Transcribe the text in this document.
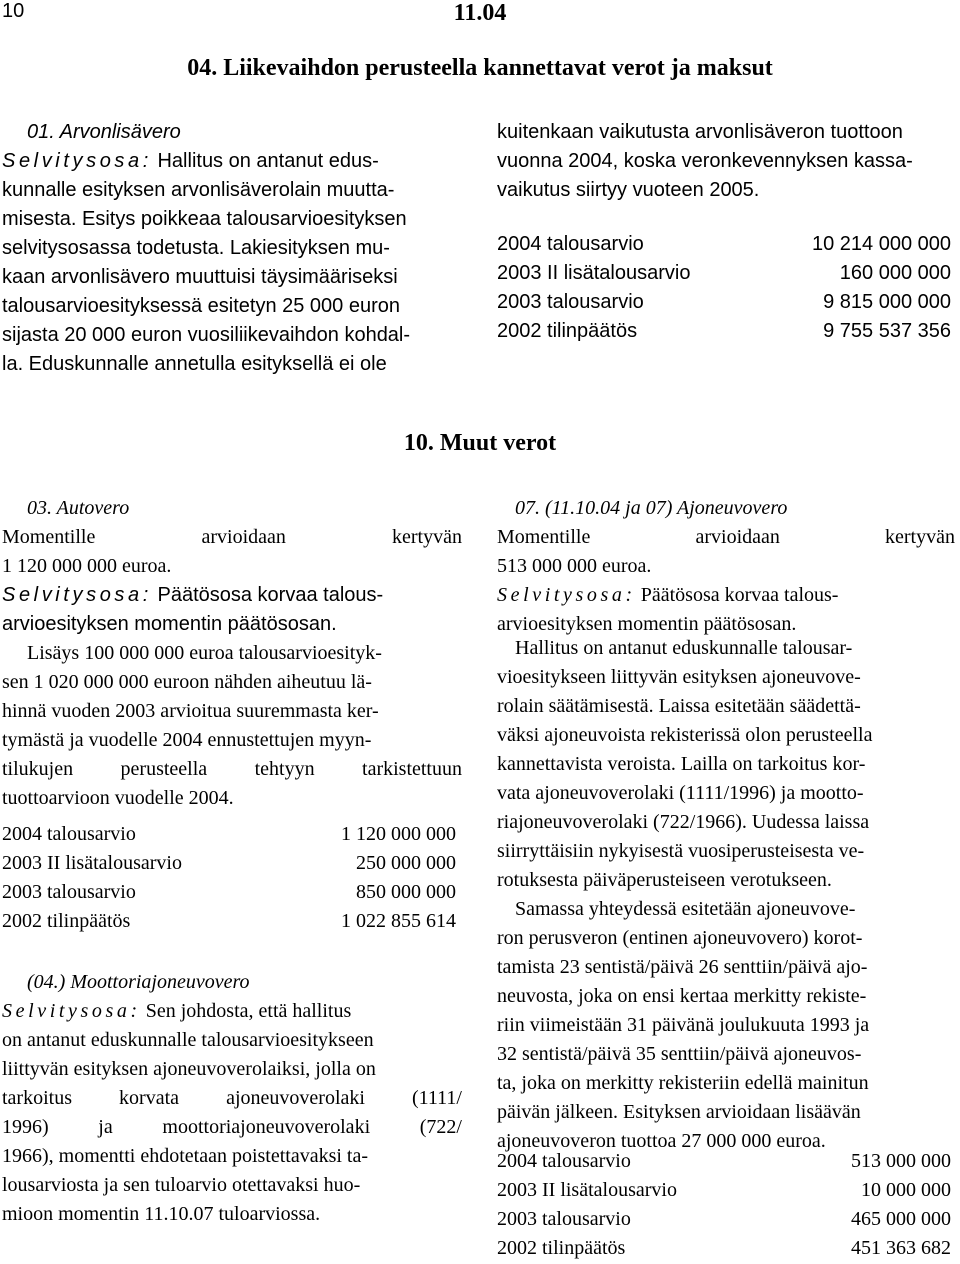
10	11.04
04. Liikevaihdon perusteella kannettavat verot ja maksut
01. Arvonlisävero
Selvitysosa: Hallitus on antanut edus-
kunnalle esityksen arvonlisäverolain muutta-
misesta. Esitys poikkeaa talousarvioesityksen
selvitysosassa todetusta. Lakiesityksen mu-
kaan arvonlisävero muuttuisi täysimääriseksi
talousarvioesityksessä esitetyn 25 000 euron
sijasta 20 000 euron vuosiliikevaihdon kohdal-
la. Eduskunnalle annetulla esityksellä ei ole
kuitenkaan vaikutusta arvonlisäveron tuottoon
vuonna 2004, koska veronkevennyksen kassa-
vaikutus siirtyy vuoteen 2005.
2004 talousarvio	10 214 000 000
2003 II lisätalousarvio	160 000 000
2003 talousarvio	9 815 000 000
2002 tilinpäätös	9 755 537 356
10. Muut verot
03. Autovero
Momentille arvioidaan kertyvän
1 120 000 000 euroa.
Selvitysosa: Päätösosa korvaa talous-
arvioesityksen momentin päätösosan.
Lisäys 100 000 000 euroa talousarvioesityk-
sen 1 020 000 000 euroon nähden aiheutuu lä-
hinnä vuoden 2003 arvioitua suuremmasta ker-
tymästä ja vuodelle 2004 ennustettujen myyn-
tilukujen perusteella tehtyyn tarkistettuun
tuottoarvioon vuodelle 2004.
2004 talousarvio	1 120 000 000
2003 II lisätalousarvio	250 000 000
2003 talousarvio	850 000 000
2002 tilinpäätös	1 022 855 614
(04.) Moottoriajoneuvovero
Selvitysosa: Sen johdosta, että hallitus
on antanut eduskunnalle talousarvioesitykseen
liittyvän esityksen ajoneuvoverolaiksi, jolla on
tarkoitus korvata ajoneuvoverolaki (1111/
1996) ja moottoriajoneuvoverolaki (722/
1966), momentti ehdotetaan poistettavaksi ta-
lousarviosta ja sen tuloarvio otettavaksi huo-
mioon momentin 11.10.07 tuloarviossa.
07. (11.10.04 ja 07) Ajoneuvovero
Momentille arvioidaan kertyvän
513 000 000 euroa.
Selvitysosa: Päätösosa korvaa talous-
arvioesityksen momentin päätösosan.
Hallitus on antanut eduskunnalle talousar-
vioesitykseen liittyvän esityksen ajoneuvove-
rolain säätämisestä. Laissa esitetään säädettä-
väksi ajoneuvoista rekisterissä olon perusteella
kannettavista veroista. Lailla on tarkoitus kor-
vata ajoneuvoverolaki (1111/1996) ja mootto-
riajoneuvoverolaki (722/1966). Uudessa laissa
siirryttäisiin nykyisestä vuosiperusteisesta ve-
rotuksesta päiväperusteiseen verotukseen.
Samassa yhteydessä esitetään ajoneuvove-
ron perusveron (entinen ajoneuvovero) korot-
tamista 23 sentistä/päivä 26 senttiin/päivä ajo-
neuvosta, joka on ensi kertaa merkitty rekiste-
riin viimeistään 31 päivänä joulukuuta 1993 ja
32 sentistä/päivä 35 senttiin/päivä ajoneuvos-
ta, joka on merkitty rekisteriin edellä mainitun
päivän jälkeen. Esityksen arvioidaan lisäävän
ajoneuvoveron tuottoa 27 000 000 euroa.
2004 talousarvio	513 000 000
2003 II lisätalousarvio	10 000 000
2003 talousarvio	465 000 000
2002 tilinpäätös	451 363 682
